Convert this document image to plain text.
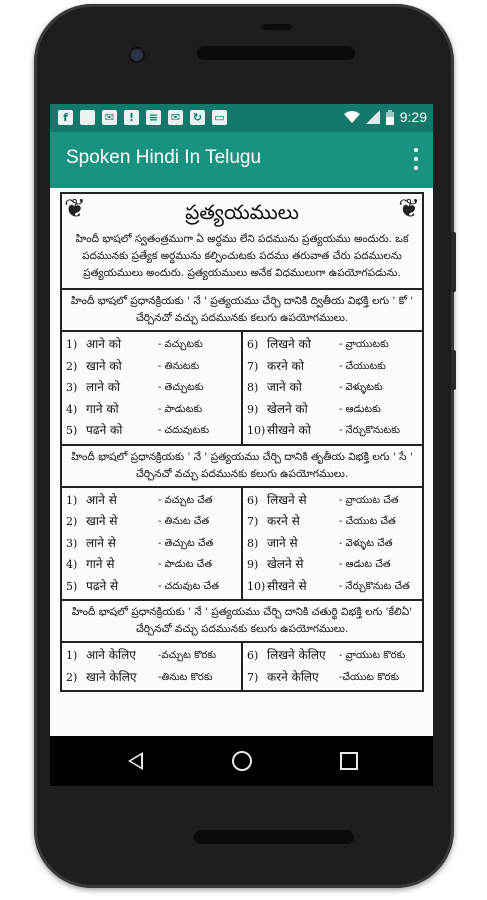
f	✉	!	≡ ✉ ↻ ▭	9:29
Spoken Hindi In Telugu
❦	ప్రత్యయములు	❦
హిందీ భాషలో స్వతంత్రముగా ఏ అర్ధము లేని పదమును ప్రత్యయము అందురు. ఒక పదమునకు ప్రత్యేక అర్ధమును కల్పించుటకు పదము తరువాత చేరు పదములను ప్రత్యయములు అందురు. ప్రత్యయములు అనేక విధములుగా ఉపయోగపడును.
హిందీ భాషలో ప్రధానక్రియకు ' నే ' ప్రత్యయము చేర్చి దానికి ద్వితీయ విభక్తి లగు ' కో ' చేర్చినచో వచ్చు పదమునకు కలుగు ఉపయోగములు.
1) आने को	- వచ్చుటకు
2) खाने को	- తినుటకు
3) लाने को	- తెచ్చుటకు
4) गाने को	- పాడుటకు
5) पढने को	- చదువుటకు
6) लिखने को	- వ్రాయుటకు
7) करने को	- చేయుటకు
8) जाने को	- వెళ్ళుటకు
9) खेलने को	- ఆడుటకు
10) सीखने को	- నేర్చుకొనుటకు
హిందీ భాషలో ప్రధానక్రియకు ' నే ' ప్రత్యయము చేర్చి దానికి తృతీయ విభక్తి లగు ' సే ' చేర్చినచో వచ్చు పదమునకు కలుగు ఉపయోగములు.
1) आने से	- వచ్చుట చేత
2) खाने से	- తినుట చేత
3) लाने से	- తెచ్చుట చేత
4) गाने से	- పాడుట చేత
5) पढने से	- చదువుట చేత
6) लिखने से	- వ్రాయుట చేత
7) करने से	- చేయుట చేత
8) जाने से	- వెళ్ళుట చేత
9) खेलने से	- ఆడుట చేత
10) सीखने से	- నేర్చుకొనుట చేత
హిందీ భాషలో ప్రధానక్రియకు ' నే ' ప్రత్యయము చేర్చి దానికి చతుర్థి విభక్తి లగు 'కేలిఏ' చేర్చినచో వచ్చు పదమునకు కలుగు ఉపయోగములు.
1) आने केलिए	-వచ్చుట కొరకు
2) खाने केलिए	-తినుట కొరకు
6) लिखने केलिए	- వ్రాయుట కొరకు
7) करने केलिए	-చేయుట కొరకు
